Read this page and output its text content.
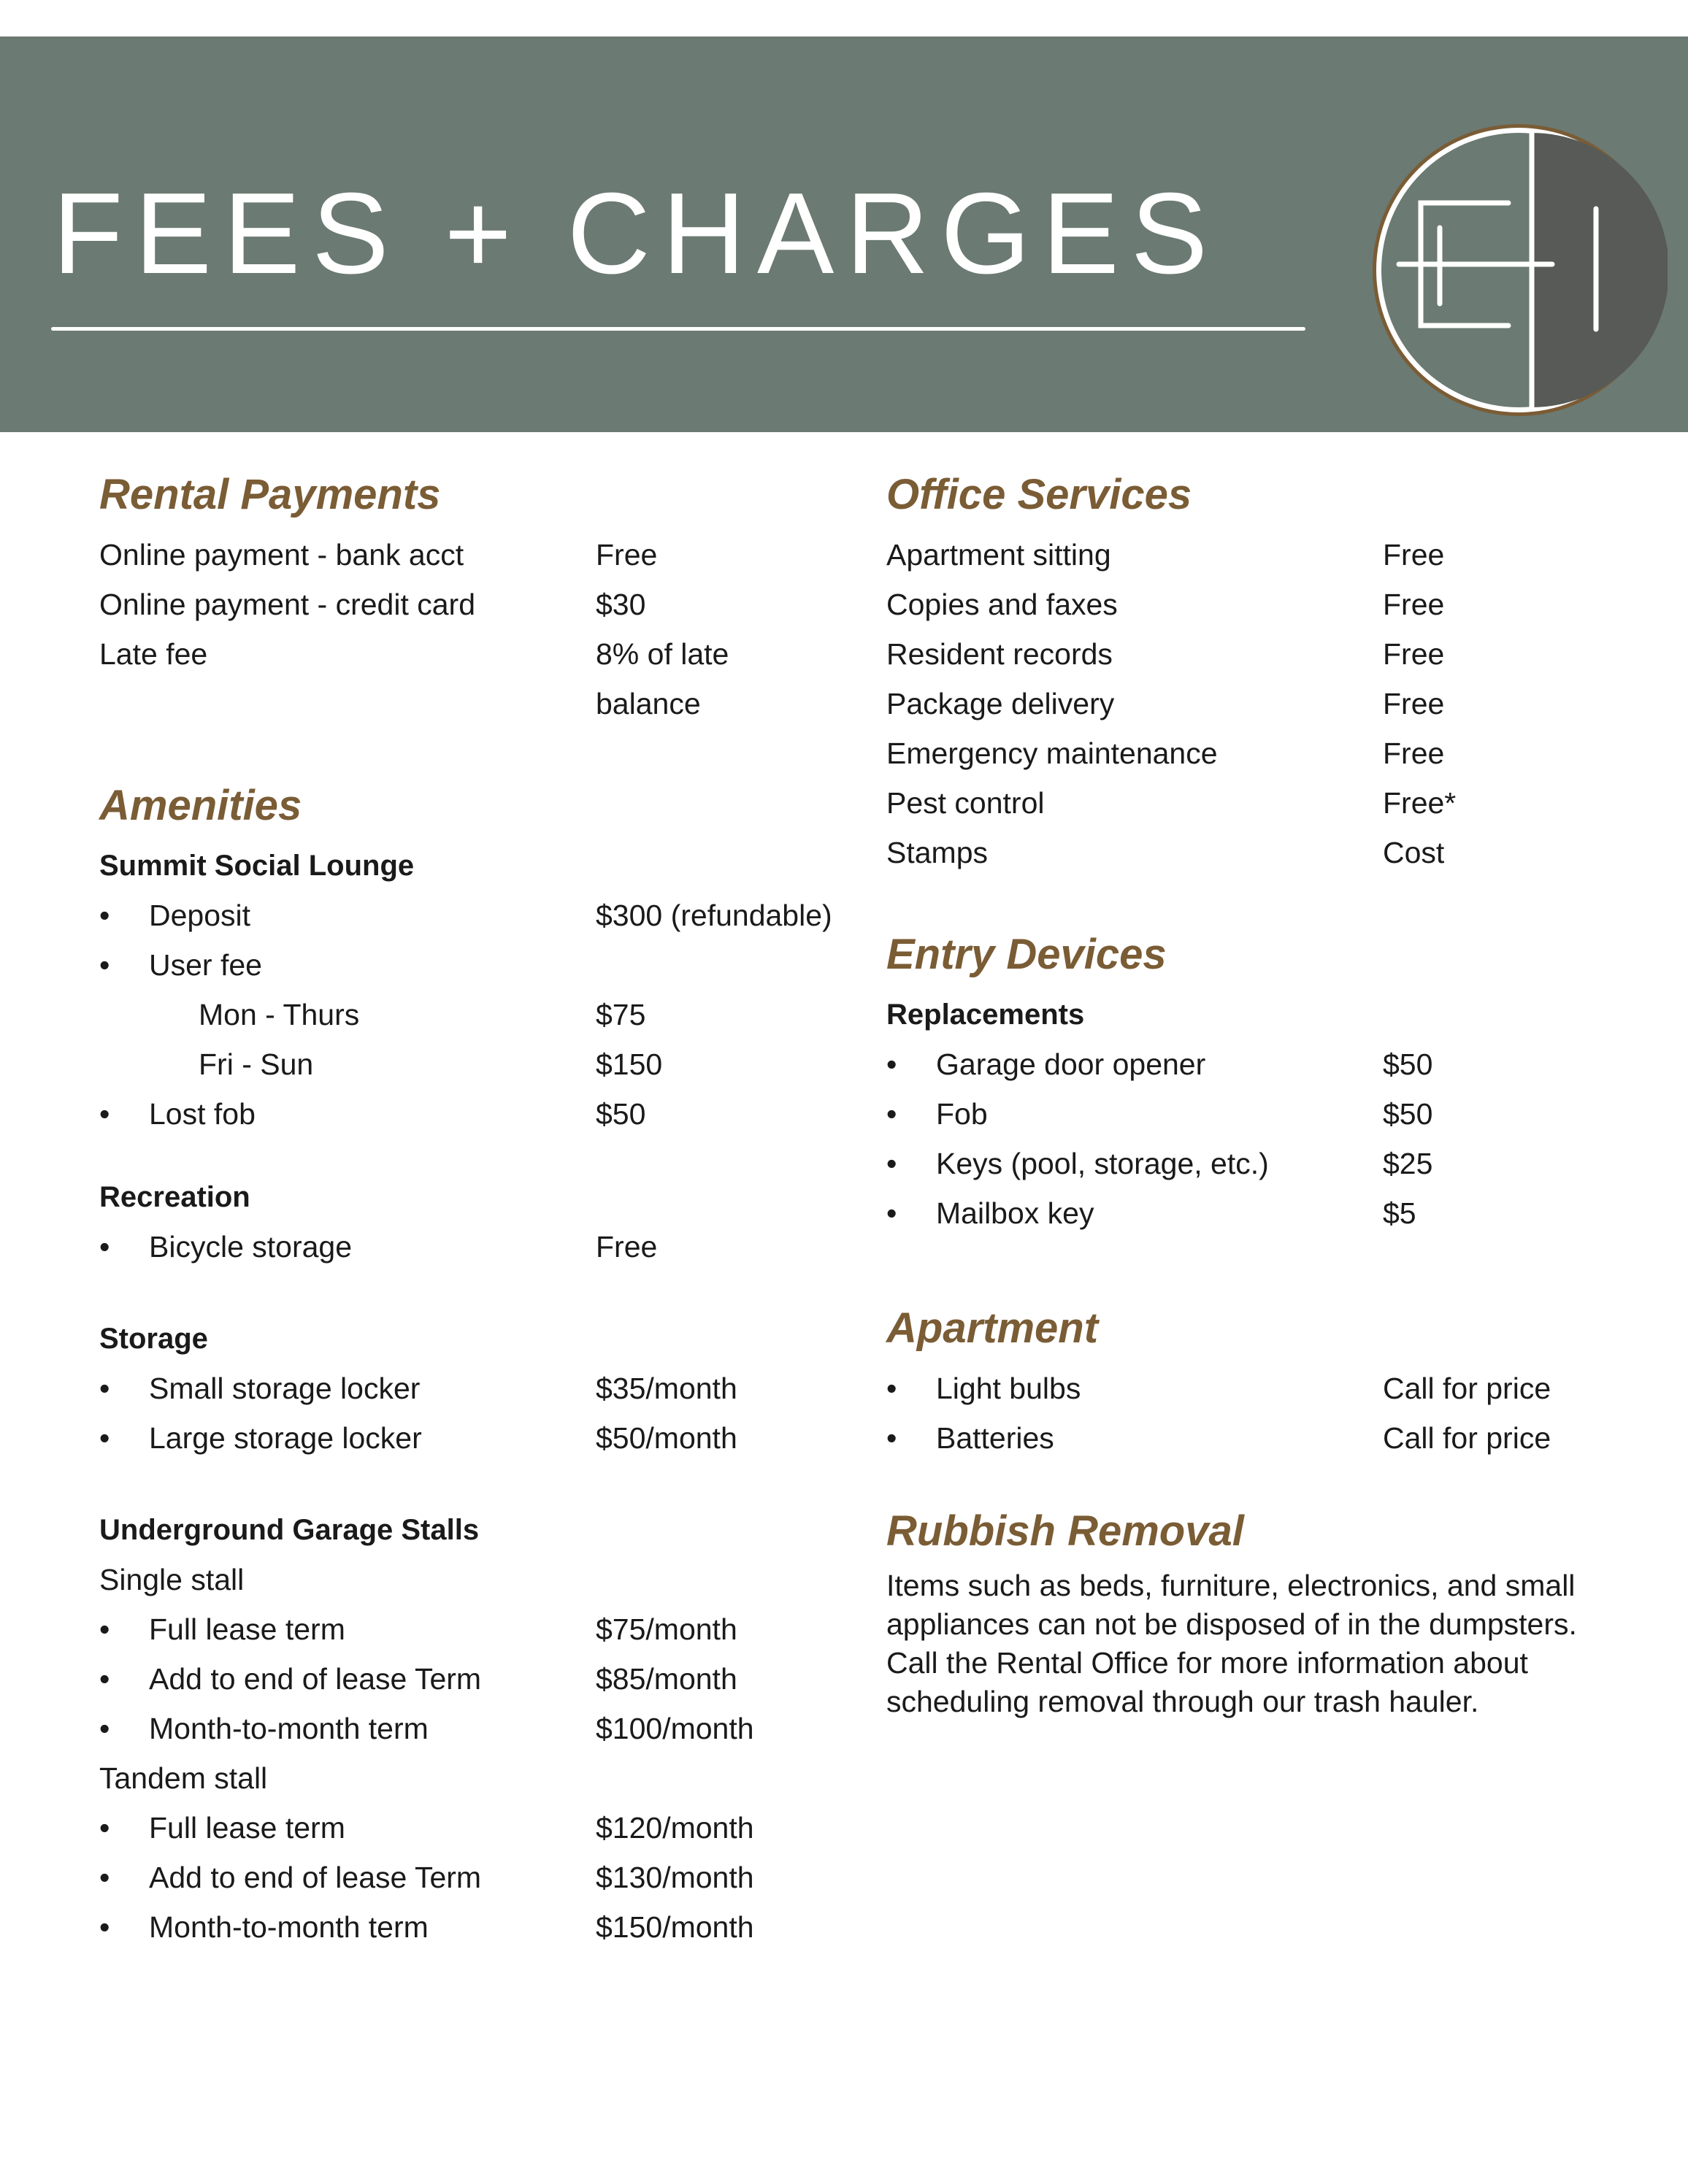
FEES + CHARGES
Rental Payments
Online payment - bank acct	Free
Online payment - credit card	$30
Late fee	8% of late
balance
Amenities
Summit Social Lounge
• Deposit	$300 (refundable)
• User fee
Mon - Thurs	$75
Fri - Sun	$150
• Lost fob	$50
Recreation
• Bicycle storage	Free
Storage
• Small storage locker	$35/month
• Large storage locker	$50/month
Underground Garage Stalls
Single stall
• Full lease term	$75/month
• Add to end of lease Term	$85/month
• Month-to-month term	$100/month
Tandem stall
• Full lease term	$120/month
• Add to end of lease Term	$130/month
• Month-to-month term	$150/month
Office Services
Apartment sitting	Free
Copies and faxes	Free
Resident records	Free
Package delivery	Free
Emergency maintenance	Free
Pest control	Free*
Stamps	Cost
Entry Devices
Replacements
• Garage door opener	$50
• Fob	$50
• Keys (pool, storage, etc.)	$25
• Mailbox key	$5
Apartment
• Light bulbs	Call for price
• Batteries	Call for price
Rubbish Removal

Items such as beds, furniture, electronics, and small appliances can not be disposed of in the dumpsters. Call the Rental Office for more information about scheduling removal through our trash hauler.
